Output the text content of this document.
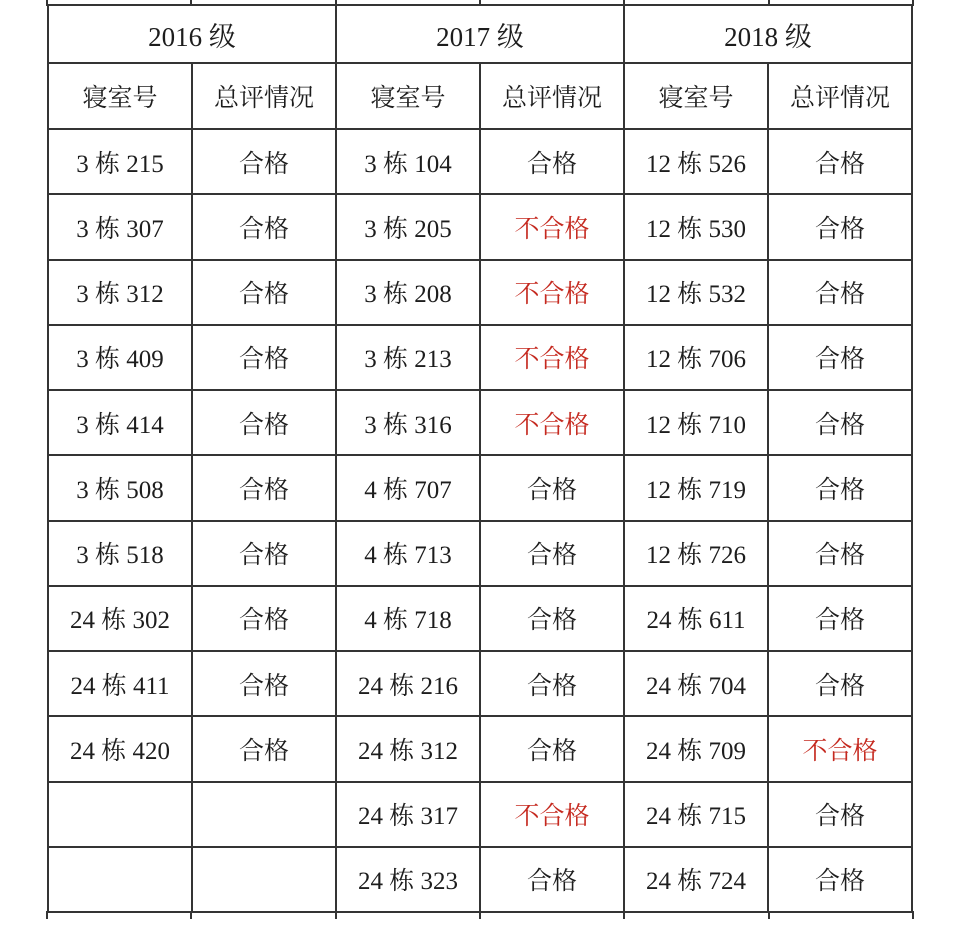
2016 级		2017 级		2018 级	
寝室号	总评情况	寝室号	总评情况	寝室号	总评情况
3 栋 215	合格	3 栋 104	合格	12 栋 526	合格
3 栋 307	合格	3 栋 205	不合格	12 栋 530	合格
3 栋 312	合格	3 栋 208	不合格	12 栋 532	合格
3 栋 409	合格	3 栋 213	不合格	12 栋 706	合格
3 栋 414	合格	3 栋 316	不合格	12 栋 710	合格
3 栋 508	合格	4 栋 707	合格	12 栋 719	合格
3 栋 518	合格	4 栋 713	合格	12 栋 726	合格
24 栋 302	合格	4 栋 718	合格	24 栋 611	合格
24 栋 411	合格	24 栋 216	合格	24 栋 704	合格
24 栋 420	合格	24 栋 312	合格	24 栋 709	不合格
		24 栋 317	不合格	24 栋 715	合格
		24 栋 323	合格	24 栋 724	合格
